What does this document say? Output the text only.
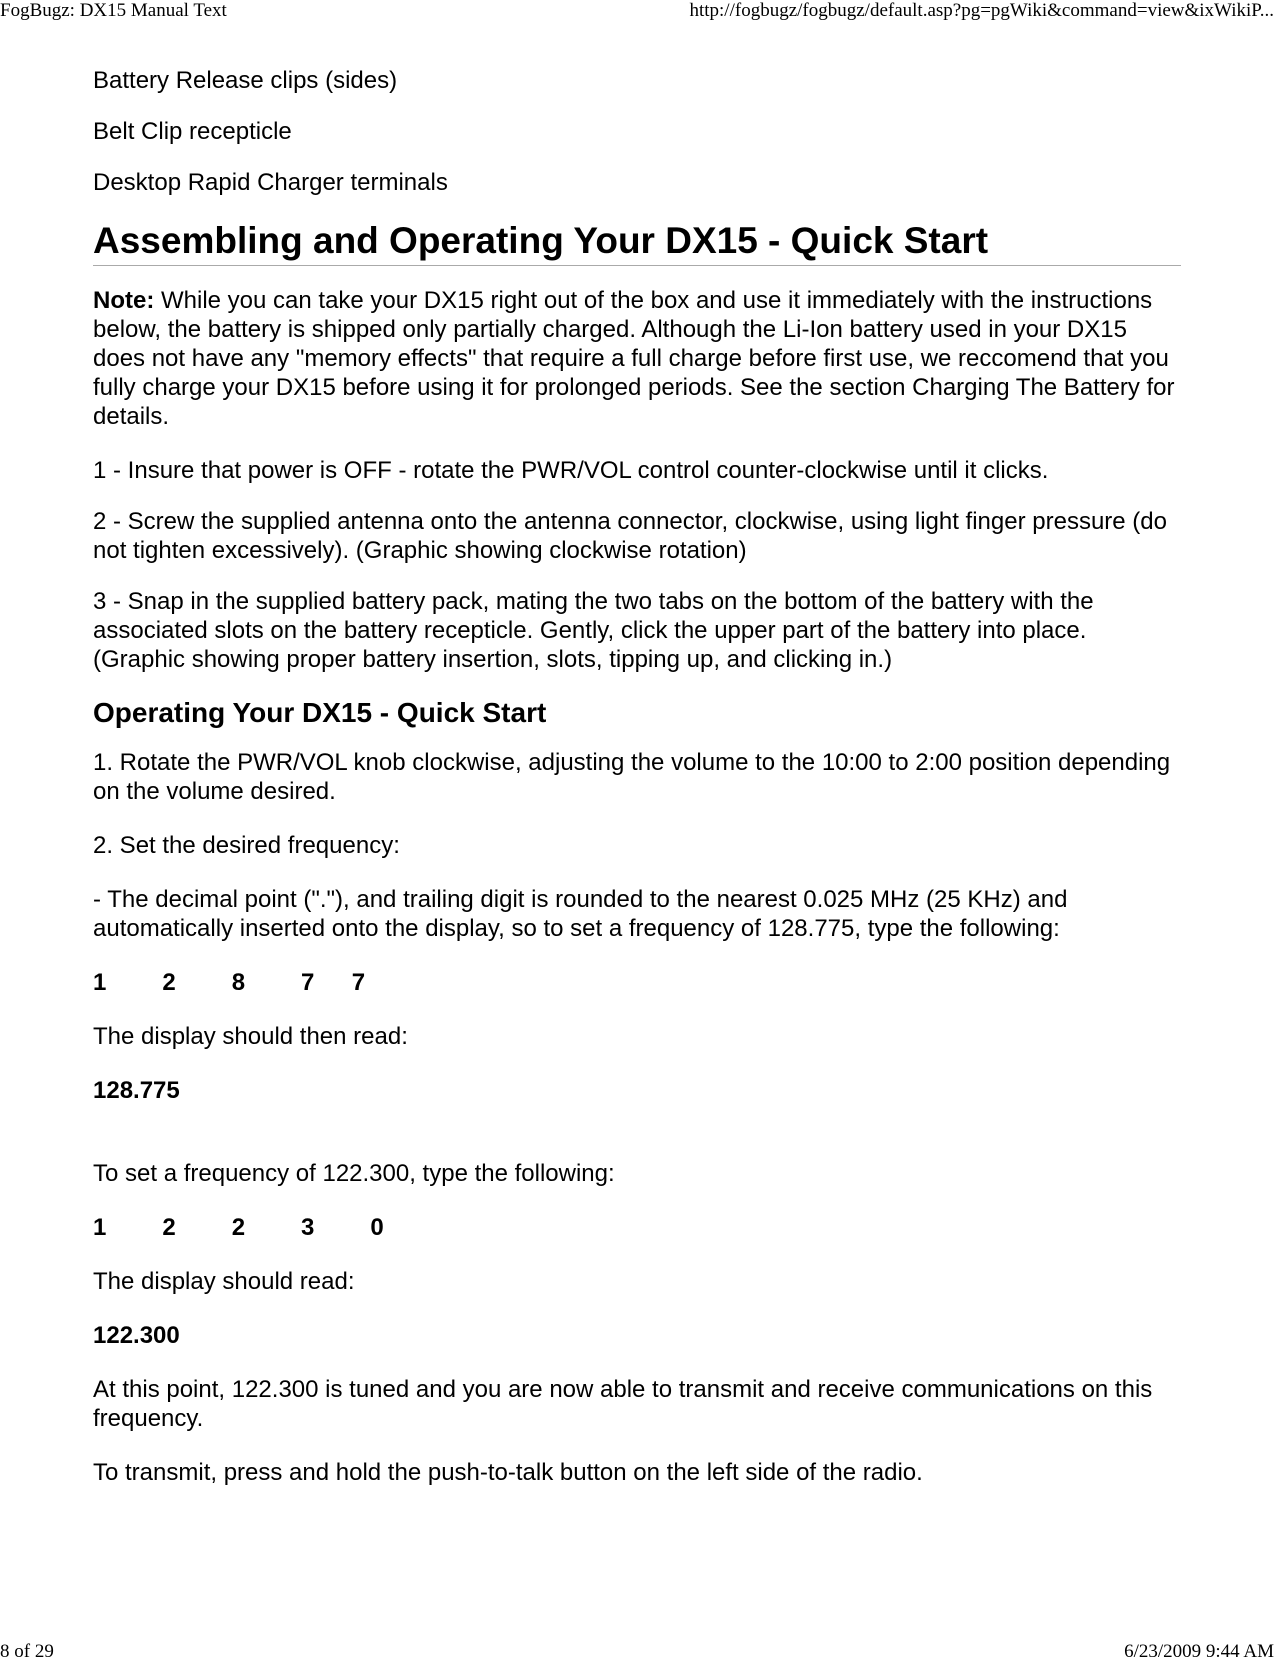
FogBugz: DX15 Manual Text	http://fogbugz/fogbugz/default.asp?pg=pgWiki&command=view&ixWikiP...

Battery Release clips (sides)

Belt Clip recepticle

Desktop Rapid Charger terminals

Assembling and Operating Your DX15 - Quick Start

Note: While you can take your DX15 right out of the box and use it immediately with the instructions below, the battery is shipped only partially charged. Although the Li-Ion battery used in your DX15 does not have any "memory effects" that require a full charge before first use, we reccomend that you fully charge your DX15 before using it for prolonged periods. See the section Charging The Battery for details.

1 - Insure that power is OFF - rotate the PWR/VOL control counter-clockwise until it clicks.

2 - Screw the supplied antenna onto the antenna connector, clockwise, using light finger pressure (do not tighten excessively). (Graphic showing clockwise rotation)

3 - Snap in the supplied battery pack, mating the two tabs on the bottom of the battery with the associated slots on the battery recepticle. Gently, click the upper part of the battery into place. (Graphic showing proper battery insertion, slots, tipping up, and clicking in.)

Operating Your DX15 - Quick Start

1. Rotate the PWR/VOL knob clockwise, adjusting the volume to the 10:00 to 2:00 position depending on the volume desired.

2. Set the desired frequency:

- The decimal point ("."), and trailing digit is rounded to the nearest 0.025 MHz (25 KHz) and automatically inserted onto the display, so to set a frequency of 128.775, type the following:

1   2   8   7  7

The display should then read:

128.775

To set a frequency of 122.300, type the following:

1   2   2   3   0

The display should read:

122.300

At this point, 122.300 is tuned and you are now able to transmit and receive communications on this frequency.

To transmit, press and hold the push-to-talk button on the left side of the radio.

8 of 29	6/23/2009 9:44 AM
